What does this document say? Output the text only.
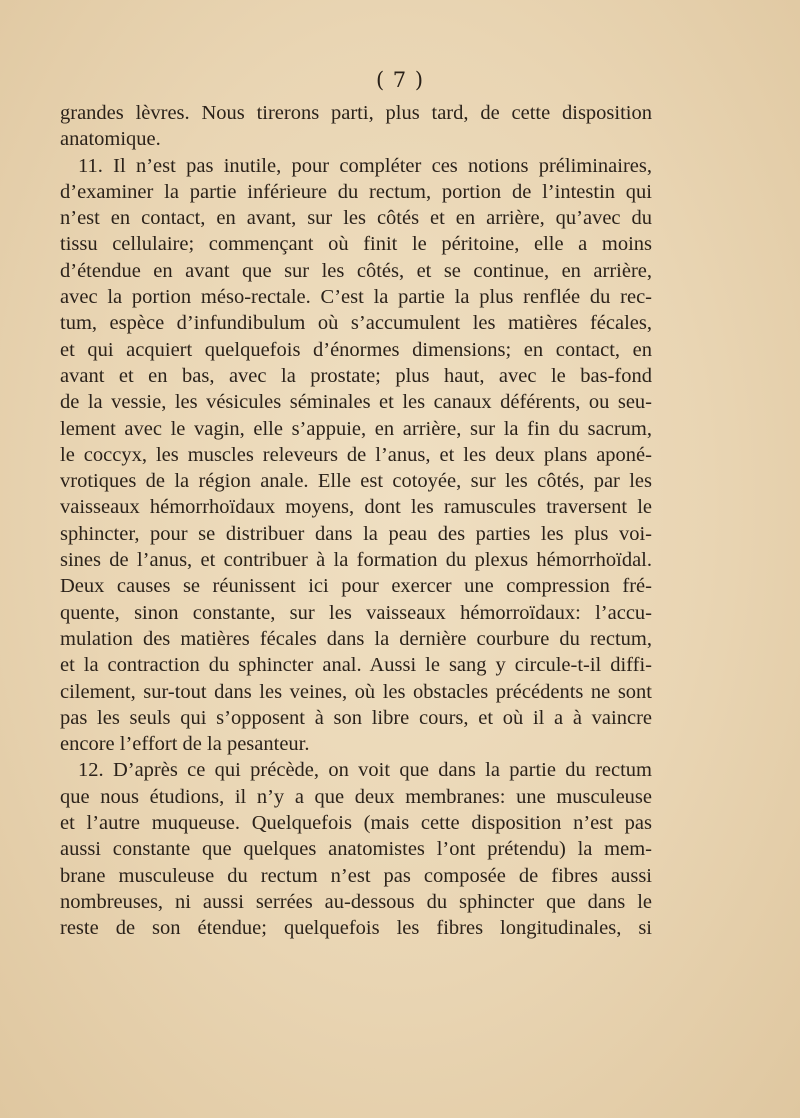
( 7 )
grandes lèvres. Nous tirerons parti, plus tard, de cette disposition
anatomique.
11. Il n’est pas inutile, pour compléter ces notions préliminaires,
d’examiner la partie inférieure du rectum, portion de l’intestin qui
n’est en contact, en avant, sur les côtés et en arrière, qu’avec du
tissu cellulaire; commençant où finit le péritoine, elle a moins
d’étendue en avant que sur les côtés, et se continue, en arrière,
avec la portion méso-rectale. C’est la partie la plus renflée du rec-
tum, espèce d’infundibulum où s’accumulent les matières fécales,
et qui acquiert quelquefois d’énormes dimensions; en contact, en
avant et en bas, avec la prostate; plus haut, avec le bas-fond
de la vessie, les vésicules séminales et les canaux déférents, ou seu-
lement avec le vagin, elle s’appuie, en arrière, sur la fin du sacrum,
le coccyx, les muscles releveurs de l’anus, et les deux plans aponé-
vrotiques de la région anale. Elle est cotoyée, sur les côtés, par les
vaisseaux hémorrhoïdaux moyens, dont les ramuscules traversent le
sphincter, pour se distribuer dans la peau des parties les plus voi-
sines de l’anus, et contribuer à la formation du plexus hémorrhoïdal.
Deux causes se réunissent ici pour exercer une compression fré-
quente, sinon constante, sur les vaisseaux hémorroïdaux: l’accu-
mulation des matières fécales dans la dernière courbure du rectum,
et la contraction du sphincter anal. Aussi le sang y circule-t-il diffi-
cilement, sur-tout dans les veines, où les obstacles précédents ne sont
pas les seuls qui s’opposent à son libre cours, et où il a à vaincre
encore l’effort de la pesanteur.
12. D’après ce qui précède, on voit que dans la partie du rectum
que nous étudions, il n’y a que deux membranes: une musculeuse
et l’autre muqueuse. Quelquefois (mais cette disposition n’est pas
aussi constante que quelques anatomistes l’ont prétendu) la mem-
brane musculeuse du rectum n’est pas composée de fibres aussi
nombreuses, ni aussi serrées au-dessous du sphincter que dans le
reste de son étendue; quelquefois les fibres longitudinales, si
